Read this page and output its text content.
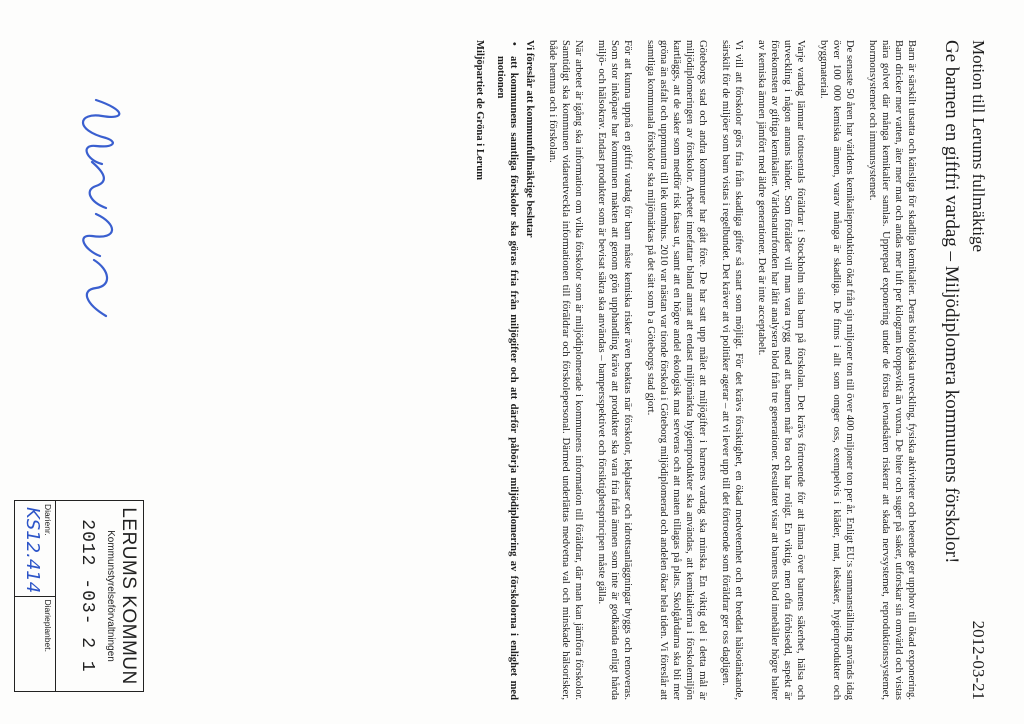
Motion till Lerums fullmäktige
2012-03-21
Ge barnen en giftfri vardag – Miljödiplomera kommunens förskolor!

Barn är särskilt utsatta och känsliga för skadliga kemikalier. Deras biologiska utveckling, fysiska aktiviteter och beteende ger upphov till ökad exponering. Barn dricker mer vatten, äter mer mat och andas mer luft per kilogram kroppsvikt än vuxna. De biter och suger på saker, utforskar sin omvärld och vistas nära golvet där många kemikalier samlas. Upprepad exponering under de första levnadsåren riskerar att skada nervsystemet, reproduktionssystemet, hormonsystemet och immunsystemet.

De senaste 50 åren har världens kemikalieproduktion ökat från sju miljoner ton till över 400 miljoner ton per år. Enligt EU:s sammanställning används idag över 100 000 kemiska ämnen, varav många är skadliga. De finns i allt som omger oss, exempelvis i kläder, mat, leksaker, hygienprodukter och byggmaterial.

Varje vardag lämnar tiotusentals föräldrar i Stockholm sina barn på förskolan. Det krävs förtroende för att lämna över barnens säkerhet, hälsa och utveckling i någon annans händer. Som förälder vill man vara trygg med att barnen mår bra och har roligt. En viktig, men ofta förbisedd, aspekt är förekomsten av giftiga kemikalier. Världsnaturfonden har låtit analysera blod från tre generationer. Resultatet visar att barnens blod innehåller högre halter av kemiska ämnen jämfört med äldre generationer. Det är inte acceptabelt.

Vi vill att förskolor görs fria från skadliga gifter så snart som möjligt. För det krävs försiktighet, en ökad medvetenhet och ett breddat hälsotänkande, särskilt för de miljöer som barn vistas i regelbundet. Det kräver att vi politiker agerar – att vi lever upp till det förtroende som föräldrar ger oss dagligen.

Göteborgs stad och andra kommuner har gått före. De har satt upp målet att miljögifter i barnens vardag ska minska. En viktig del i detta mål är miljödiplomeringen av förskolor. Arbetet innefattar bland annat att endast miljömärkta hygienprodukter ska användas, att kemikalierna i förskolemiljön kartläggs, att de saker som medför risk fasas ut, samt att en högre andel ekologisk mat serveras och att maten tillagas på plats. Skolgårdarna ska bli mer gröna än asfalt och uppmuntra till lek utomhus. 2010 var nästan var tionde förskola i Göteborg miljödiplomerad och andelen ökar hela tiden. Vi föreslår att samtliga kommunala förskolor ska miljömärkas på det sätt som b a Göteborgs stad gjort.

För att kunna uppnå en giftfri vardag för barn måste kemiska risker även beaktas när förskolor, lekplatser och idrottsanläggningar byggs och renoveras. Som stor inköpare har kommunen makten att genom grön upphandling kräva att produkter ska vara fria från ämnen som inte är godkända enligt hårda miljö- och hälsokrav. Endast produkter som är bevisat säkra ska användas – bampersspektivet och försiktighetsprincipen måste gälla.

När arbetet är igång ska information om vilka förskolor som är miljödiplomerade i kommunens information till föräldrar, där man kan jämföra förskolor. Samtidigt ska kommunen vidareutveckla informationen till föräldrar och förskolepersonal. Därmed underlättas medvetna val och minskade hälsorisker, både hemma och i förskolan.

Vi föreslår att kommunfullmäktige beslutar
• att kommunens samtliga förskolor ska göras fria från miljögifter och att därför påbörja miljödiplomering av förskolorna i enlighet med motionen
Miljöpartiet de Gröna i Lerum
LERUMS KOMMUN
Kommunstyrelseförvaltningen
2012 -03- 2 1
Diarienr.
KS12.414
Diarieplanbet.
